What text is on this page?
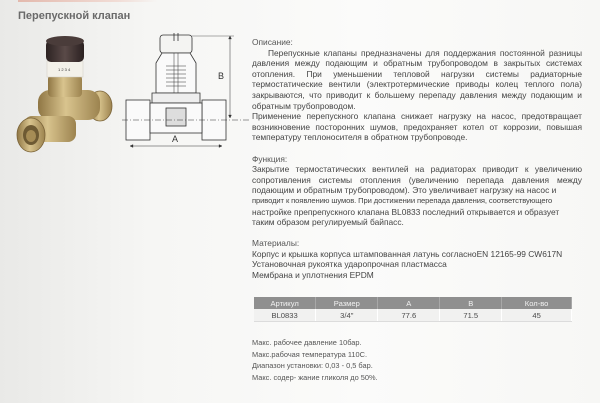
Перепускной клапан
1 2 3 4
A
B

Описание:

Перепускные клапаны предназначены для поддержания постоянной разницы давления между подающим и обратным трубопроводом в закрытых системах отопления. При уменьшении тепловой нагрузки системы радиаторные термостатические вентили (электротермические приводы колец теплого пола) закрываются, что приводит к большему перепаду давления между подающим и обратным трубопроводом.

Применение перепускного клапана снижает нагрузку на насос, предотвращает возникновение посторонних шумов, предохраняет котел от коррозии, повышая температуру теплоносителя в обратном трубопроводе.

Функция:

Закрытие термостатических вентилей на радиаторах приводит к увеличению сопротивления системы отопления (увеличению перепада давления между подающим и обратным трубопроводом). Это увеличивает нагрузку на насос и

приводит к появлению шумов. При достижении перепада давления, соответствующего

настройке препрепускного клапана BL0833 последний открывается и образует таким образом регулируемый байпасс.

Материалы:

Корпус и крышка корпуса штампованная латунь согласноEN 12165-99 CW617N

Установочная рукоятка ударопрочная пластмасса

Мембрана и уплотнения EPDM

Артикул	Размер	A	B	Кол-во
BL0833	3/4"	77.6	71.5	45
Макс. рабочее давление 10бар.
Макс.рабочая температура 110С.
Диапазон установки: 0,03 - 0,5 бар.
Макс. содер- жание гликоля до 50%.
